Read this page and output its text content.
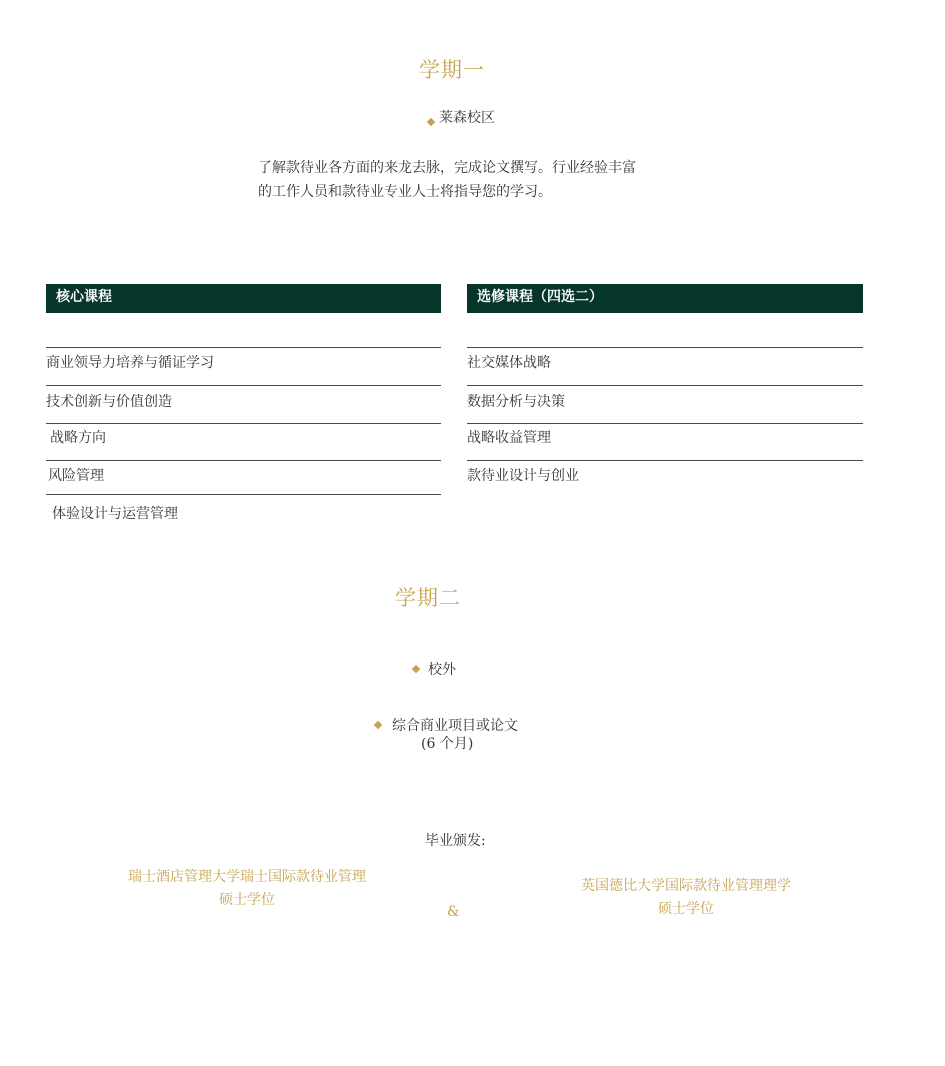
学期一
莱森校区
了解款待业各方面的来龙去脉，完成论文撰写。行业经验丰富
的工作人员和款待业专业人士将指导您的学习。
核心课程
商业领导力培养与循证学习
技术创新与价值创造
战略方向
风险管理
体验设计与运营管理
选修课程（四选二）
社交媒体战略
数据分析与决策
战略收益管理
款待业设计与创业
学期二
校外
综合商业项目或论文
(6 个月)
毕业颁发:
瑞士酒店管理大学瑞士国际款待业管理
硕士学位
&
英国德比大学国际款待业管理理学
硕士学位
